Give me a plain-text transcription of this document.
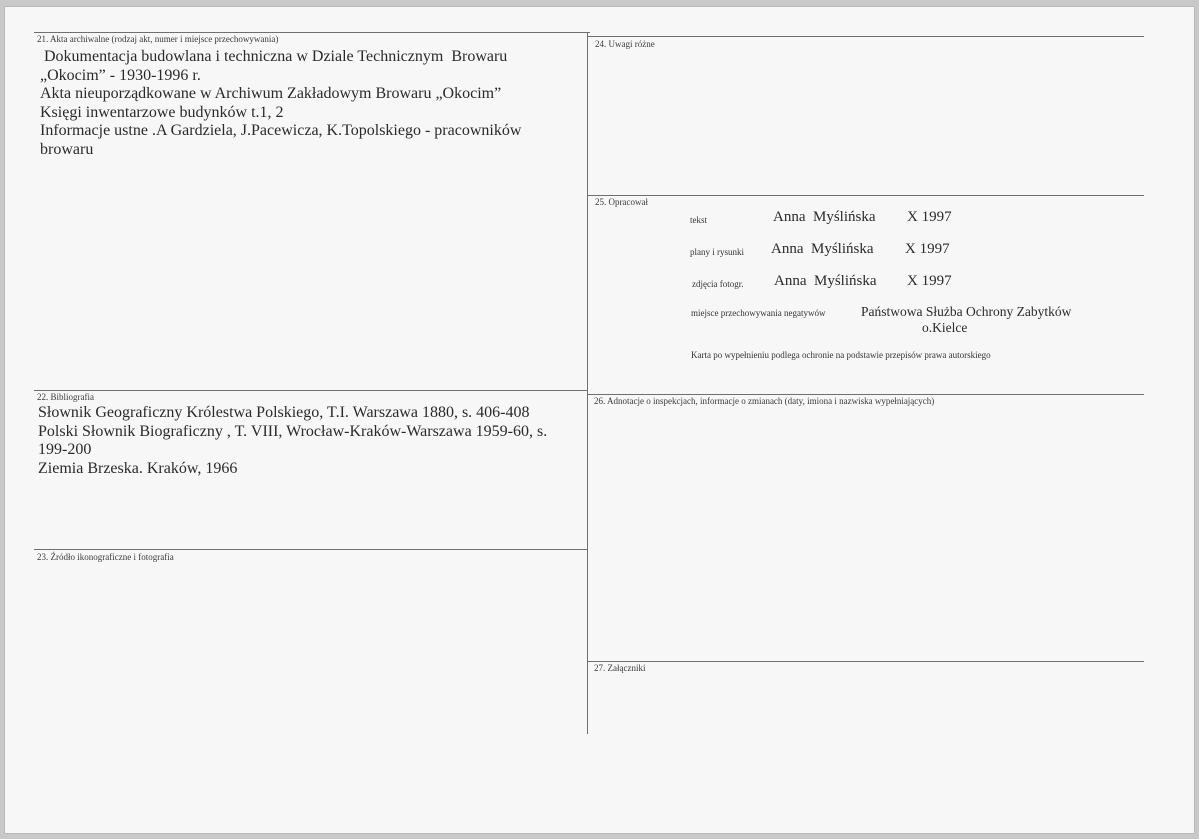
21. Akta archiwalne (rodzaj akt, numer i miejsce przechowywania)
Dokumentacja budowlana i techniczna w Dziale Technicznym  Browaru
„Okocim” - 1930-1996 r.
Akta nieuporządkowane w Archiwum Zakładowym Browaru „Okocim”
Księgi inwentarzowe budynków t.1, 2
Informacje ustne .A Gardziela, J.Pacewicza, K.Topolskiego - pracowników
browaru
24. Uwagi różne
25. Opracował
tekst	Anna  Myślińska X 1997
plany i rysunki Anna  Myślińska X 1997
zdjęcia fotogr. Anna  Myślińska X 1997
miejsce przechowywania negatywów	Państwowa Służba Ochrony Zabytków
o.Kielce
Karta po wypełnieniu podlega ochronie na podstawie przepisów prawa autorskiego
22. Bibliografia
Słownik Geograficzny Królestwa Polskiego, T.I. Warszawa 1880, s. 406-408
Polski Słownik Biograficzny , T. VIII, Wrocław-Kraków-Warszawa 1959-60, s.
199-200
Ziemia Brzeska. Kraków, 1966
26. Adnotacje o inspekcjach, informacje o zmianach (daty, imiona i nazwiska wypełniających)
23. Źródło ikonograficzne i fotografia
27. Załączniki
